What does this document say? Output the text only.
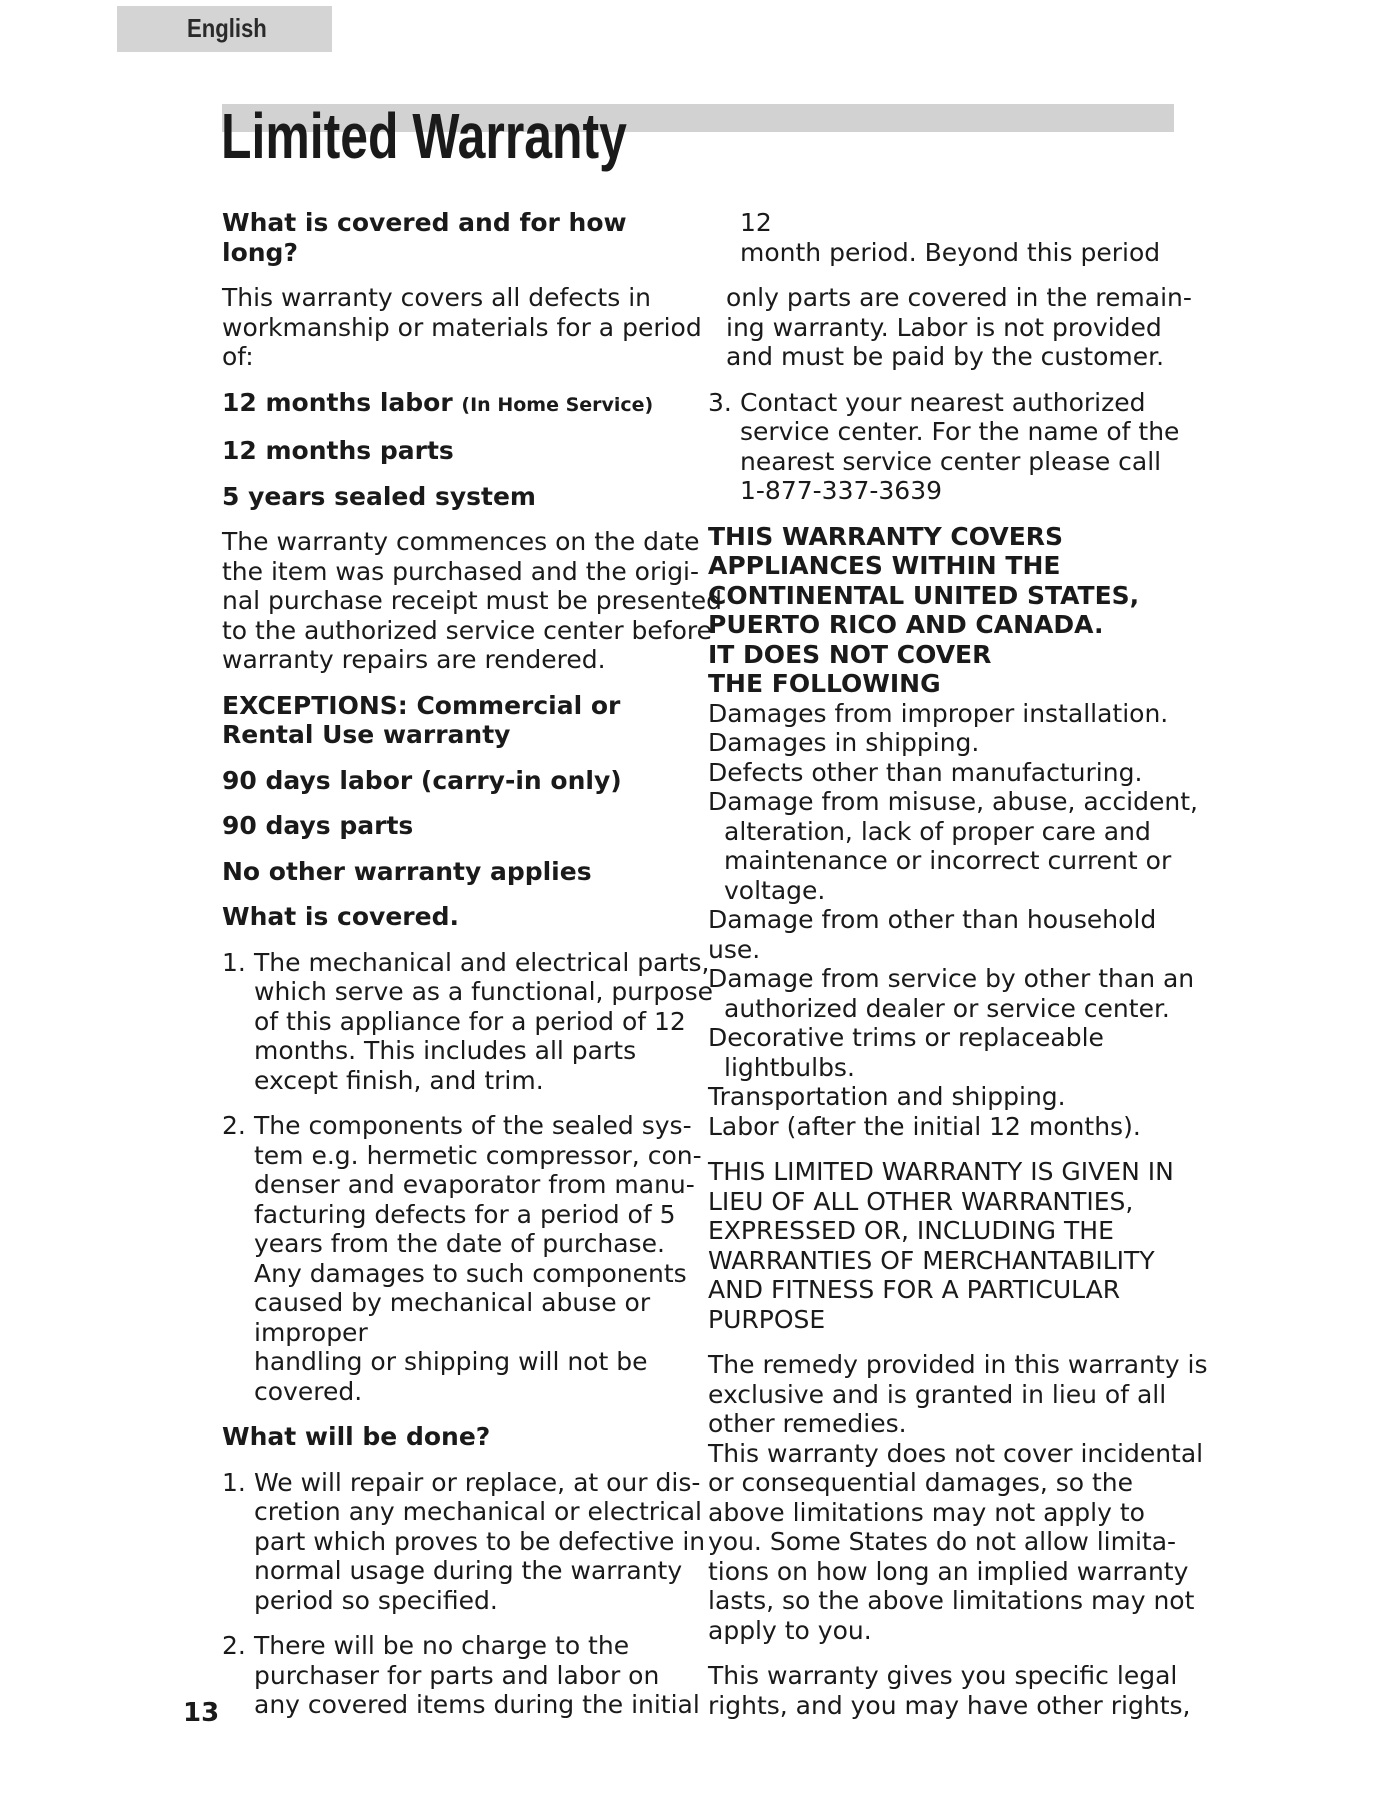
English
Limited Warranty

What is covered and for how
long?

This warranty covers all defects in
workmanship or materials for a period
of:

12 months labor (In Home Service)

12 months parts

5 years sealed system

The warranty commences on the date
the item was purchased and the origi-
nal purchase receipt must be presented
to the authorized service center before
warranty repairs are rendered.

EXCEPTIONS: Commercial or
Rental Use warranty

90 days labor (carry-in only)

90 days parts

No other warranty applies

What is covered.

1. The mechanical and electrical parts,
which serve as a functional, purpose
of this appliance for a period of 12
months. This includes all parts
except finish, and trim.
2. The components of the sealed sys-
tem e.g. hermetic compressor, con-
denser and evaporator from manu-
facturing defects for a period of 5
years from the date of purchase.
Any damages to such components
caused by mechanical abuse or
improper
handling or shipping will not be
covered.

What will be done?

1. We will repair or replace, at our dis-
cretion any mechanical or electrical
part which proves to be defective in
normal usage during the warranty
period so specified.
2. There will be no charge to the
purchaser for parts and labor on
any covered items during the initial

12
month period. Beyond this period

only parts are covered in the remain-
ing warranty. Labor is not provided
and must be paid by the customer.

3. Contact your nearest authorized
service center. For the name of the
nearest service center please call
1-877-337-3639

THIS WARRANTY COVERS
APPLIANCES WITHIN THE
CONTINENTAL UNITED STATES,
PUERTO RICO AND CANADA.
IT DOES NOT COVER
THE FOLLOWING

Damages from improper installation.
Damages in shipping.
Defects other than manufacturing.
Damage from misuse, abuse, accident,
alteration, lack of proper care and
maintenance or incorrect current or
voltage.
Damage from other than household
use.
Damage from service by other than an
authorized dealer or service center.
Decorative trims or replaceable
lightbulbs.
Transportation and shipping.
Labor (after the initial 12 months).

THIS LIMITED WARRANTY IS GIVEN IN
LIEU OF ALL OTHER WARRANTIES,
EXPRESSED OR, INCLUDING THE
WARRANTIES OF MERCHANTABILITY
AND FITNESS FOR A PARTICULAR
PURPOSE

The remedy provided in this warranty is
exclusive and is granted in lieu of all
other remedies.
This warranty does not cover incidental
or consequential damages, so the
above limitations may not apply to
you. Some States do not allow limita-
tions on how long an implied warranty
lasts, so the above limitations may not
apply to you.

This warranty gives you specific legal
rights, and you may have other rights,

13
